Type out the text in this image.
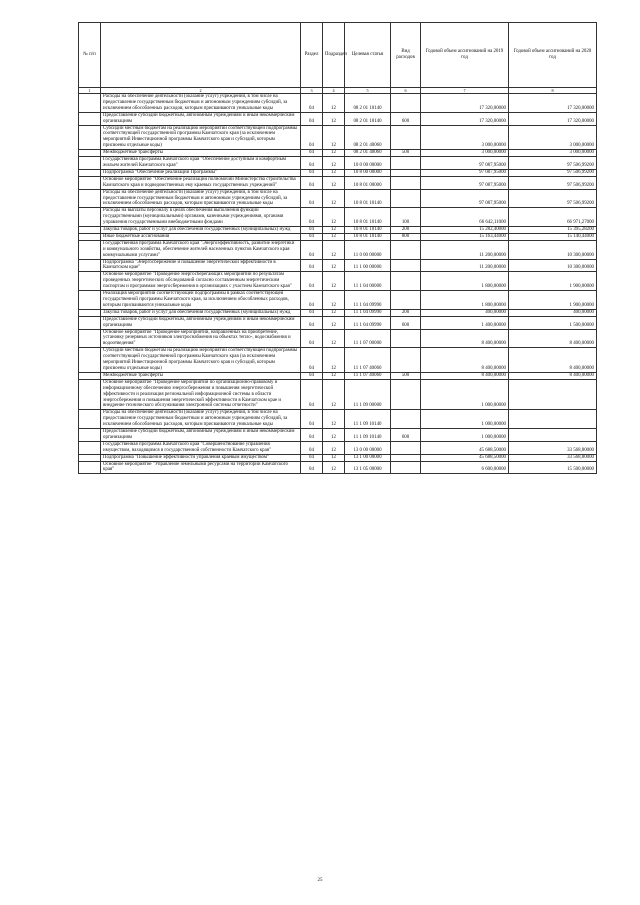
№ п/п		Раздел	Подраздел	Целевая статья	Вид расходов	Годовой объем ассигнований на 2019 год	Годовой объем ассигнований на 2020 год
1	2	3	4	5	6	7	8
	Расходы на обеспечение деятельности (оказание услуг) учреждений, в том числе на предоставление государственным бюджетным и автономным учреждениям субсидий, за исключением обособленных расходов, которым присваиваются уникальные коды	04	12	08 2 01 10140		17 320,00000	17 320,00000
	Предоставление субсидий бюджетным, автономным учреждениям и иным некоммерческим организациям	04	12	08 2 01 10140	600	17 320,00000	17 320,00000
	Субсидии местным бюджетам на реализацию мероприятий соответствующей подпрограммы соответствующей государственной программы Камчатского края (за исключением мероприятий Инвестиционной программы Камчатского края и субсидий, которым присвоены отдельные коды)	04	12	08 2 01 40060		3 000,00000	3 000,00000
	Межбюджетные трансферты	04	12	08 2 01 40060	500	3 000,00000	3 000,00000
	Государственная программа Камчатского края "Обеспечение доступным и комфортным жильем жителей Камчатского края"	04	12	10 0 00 00000		97 087,95000	97 506,99200
	Подпрограмма "Обеспечение реализации Программы"	04	12	10 8 00 00000		97 087,95000	97 506,99200
	Основное мероприятие "Обеспечение реализации полномочий Министерства строительства Камчатского края и подведомственных ему краевых государственных учреждений"	04	12	10 8 01 00000		97 087,95000	97 506,99200
	Расходы на обеспечение деятельности (оказание услуг) учреждений, в том числе на предоставление государственным бюджетным и автономным учреждениям субсидий, за исключением обособленных расходов, которым присваиваются уникальные коды	04	12	10 8 01 10140		97 087,95000	97 506,99200
	Расходы на выплаты персоналу в целях обеспечения выполнения функций государственными (муниципальными) органами, казенными учреждениями, органами управления государственными внебюджетными фондами	04	12	10 8 01 10140	100	66 642,11000	66 971,27000
	Закупка товаров, работ и услуг для обеспечения государственных (муниципальных) нужд	04	12	10 8 01 10140	200	15 282,40000	15 395,28200
	Иные бюджетные ассигнования	04	12	10 8 01 10140	800	15 163,44000	15 140,44000
	Государственная программа Камчатского края "Энергоэффективность, развитие энергетики и коммунального хозяйства, обеспечение жителей населенных пунктов Камчатского края коммунальными услугами"	04	12	11 0 00 00000		11 200,00000	10 300,00000
	Подпрограмма "Энергосбережение и повышение энергетической эффективности в Камчатском крае"	04	12	11 1 00 00000		11 200,00000	10 300,00000
	Основное мероприятие "Проведение энергосберегающих мероприятий по результатам проведенных энергетических обследований согласно составленным энергетическим паспортам и программам энергосбережения в организациях с участием Камчатского края"	04	12	11 1 04 00000		1 800,00000	1 900,00000
	Реализация мероприятий соответствующей подпрограммы в рамках соответствующей государственной программы Камчатского края, за исключением обособленных расходов, которым присваиваются уникальные коды	04	12	11 1 04 09990		1 800,00000	1 900,00000
	Закупка товаров, работ и услуг для обеспечения государственных (муниципальных) нужд	04	12	11 1 04 09990	200	400,00000	400,00000
	Предоставление субсидий бюджетным, автономным учреждениям и иным некоммерческим организациям	04	12	11 1 04 09990	600	1 400,00000	1 500,00000
	Основное мероприятие "Проведение мероприятий, направленных на приобретение, установку резервных источников электроснабжения на объектах тепло-, водоснабжения и водоотведения"	04	12	11 1 07 00000		8 400,00000	8 400,00000
	Субсидии местным бюджетам на реализацию мероприятий соответствующей подпрограммы соответствующей государственной программы Камчатского края (за исключением мероприятий Инвестиционной программы Камчатского края и субсидий, которым присвоены отдельные коды)	04	12	11 1 07 40060		8 400,00000	8 400,00000
	Межбюджетные трансферты	04	12	11 1 07 40060	500	8 400,00000	8 400,00000
	Основное мероприятие "Проведение мероприятий по организационно-правовому и информационному обеспечению энергосбережения и повышения энергетической эффективности и реализация региональной информационной системы в области энергосбережения и повышения энергетической эффективности в Камчатском крае и внедрение технического обслуживания электронной системы отчетности"	04	12	11 1 09 00000		1 000,00000	
	Расходы на обеспечение деятельности (оказание услуг) учреждений, в том числе на предоставление государственным бюджетным и автономным учреждениям субсидий, за исключением обособленных расходов, которым присваиваются уникальные коды	04	12	11 1 09 10140		1 000,00000	
	Предоставление субсидий бюджетным, автономным учреждениям и иным некоммерческим организациям	04	12	11 1 09 10140	600	1 000,00000	
	Государственная программа Камчатского края "Совершенствование управления имуществом, находящимся в государственной собственности Камчатского края"	04	12	13 0 00 00000		45 688,50000	33 568,80000
	Подпрограмма "Повышение эффективности управления краевым имуществом"	04	12	13 1 00 00000		45 688,50000	33 568,80000
	Основное мероприятие "Управление земельными ресурсами на территории Камчатского края"	04	12	13 1 05 00000		6 600,00000	15 500,00000
25
